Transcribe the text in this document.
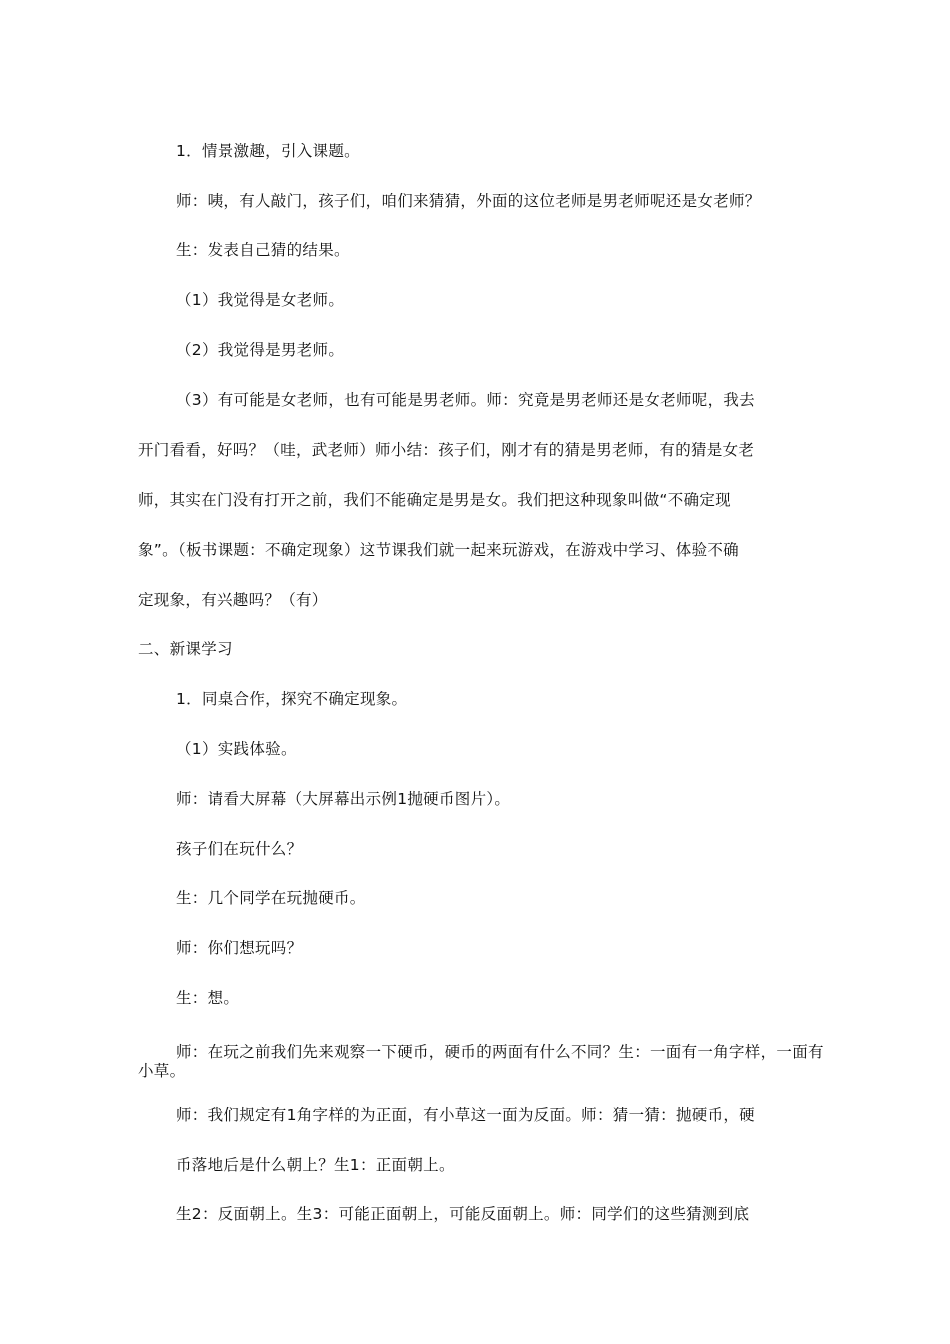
1．情景激趣，引入课题。
师：咦，有人敲门，孩子们，咱们来猜猜，外面的这位老师是男老师呢还是女老师？
生：发表自己猜的结果。
（1）我觉得是女老师。
（2）我觉得是男老师。
（3）有可能是女老师，也有可能是男老师。师：究竟是男老师还是女老师呢，我去
开门看看，好吗？（哇，武老师）师小结：孩子们，刚才有的猜是男老师，有的猜是女老
师，其实在门没有打开之前，我们不能确定是男是女。我们把这种现象叫做“不确定现
象”。（板书课题：不确定现象）这节课我们就一起来玩游戏，在游戏中学习、体验不确
定现象，有兴趣吗？（有）
二、新课学习
1．同桌合作，探究不确定现象。
（1）实践体验。
师：请看大屏幕（大屏幕出示例1抛硬币图片）。
孩子们在玩什么？
生：几个同学在玩抛硬币。
师：你们想玩吗？
生：想。
师：在玩之前我们先来观察一下硬币，硬币的两面有什么不同？生：一面有一角字样，一面有小草。
师：我们规定有1角字样的为正面，有小草这一面为反面。师：猜一猜：抛硬币，硬
币落地后是什么朝上？生1：正面朝上。
生2：反面朝上。生3：可能正面朝上，可能反面朝上。师：同学们的这些猜测到底
